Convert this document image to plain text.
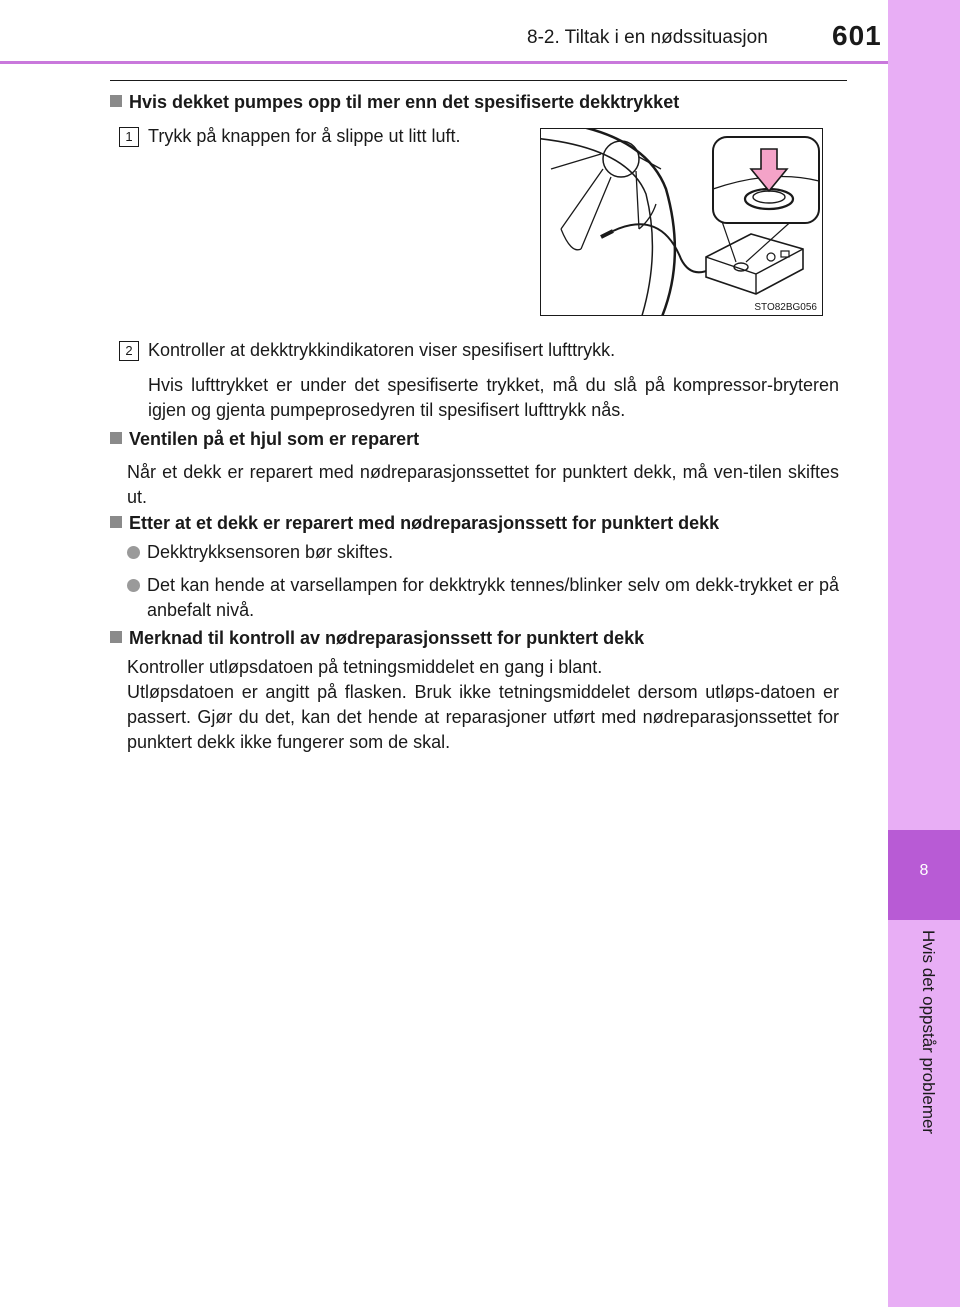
8-2. Tiltak i en nødssituasjon 601
8
Hvis det oppstår problemer
Hvis dekket pumpes opp til mer enn det spesifiserte dekktrykket
1 Trykk på knappen for å slippe ut litt luft.
STO82BG056
2 Kontroller at dekktrykkindikatoren viser spesifisert lufttrykk.
Hvis lufttrykket er under det spesifiserte trykket, må du slå på kompressor-bryteren igjen og gjenta pumpeprosedyren til spesifisert lufttrykk nås.
Ventilen på et hjul som er reparert
Når et dekk er reparert med nødreparasjonssettet for punktert dekk, må ven-tilen skiftes ut.
Etter at et dekk er reparert med nødreparasjonssett for punktert dekk
Dekktrykksensoren bør skiftes.
Det kan hende at varsellampen for dekktrykk tennes/blinker selv om dekk-trykket er på anbefalt nivå.
Merknad til kontroll av nødreparasjonssett for punktert dekk
Kontroller utløpsdatoen på tetningsmiddelet en gang i blant.
Utløpsdatoen er angitt på flasken. Bruk ikke tetningsmiddelet dersom utløps-datoen er passert. Gjør du det, kan det hende at reparasjoner utført med nødreparasjonssettet for punktert dekk ikke fungerer som de skal.
